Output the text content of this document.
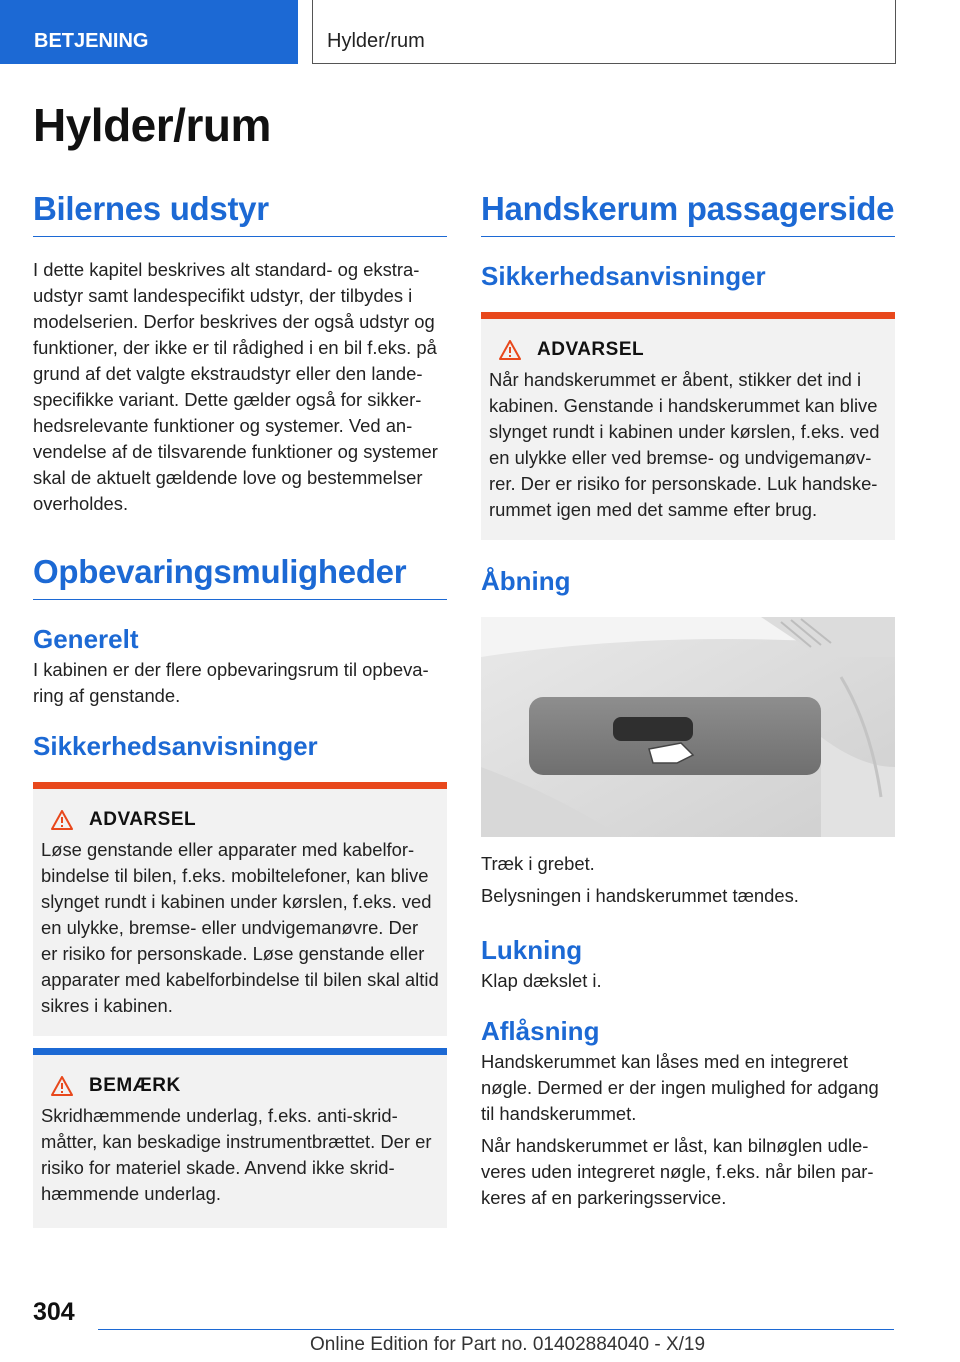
BETJENING	Hylder/rum
Hylder/rum
Bilernes udstyr

I dette kapitel beskrives alt standard- og ekstraudstyr samt landespecifikt udstyr, der tilbydes i modelserien. Derfor beskrives der også udstyr og funktioner, der ikke er til rådighed i en bil f.eks. på grund af det valgte ekstraudstyr eller den landespecifikke variant. Dette gælder også for sikkerhedsrelevante funktioner og systemer. Ved anvendelse af de tilsvarende funktioner og systemer skal de aktuelt gældende love og bestemmelser overholdes.

Opbevaringsmuligheder
Generelt

I kabinen er der flere opbevaringsrum til opbevaring af genstande.

Sikkerhedsanvisninger
ADVARSEL

Løse genstande eller apparater med kabelforbindelse til bilen, f.eks. mobiltelefoner, kan blive slynget rundt i kabinen under kørslen, f.eks. ved en ulykke, bremse- eller undvigemanøvre. Der er risiko for personskade. Løse genstande eller apparater med kabelforbindelse til bilen skal altid sikres i kabinen.

BEMÆRK

Skridhæmmende underlag, f.eks. anti-skridmåtter, kan beskadige instrumentbrættet. Der er risiko for materiel skade. Anvend ikke skridhæmmende underlag.

Handskerum passagerside
Sikkerhedsanvisninger
ADVARSEL

Når handskerummet er åbent, stikker det ind i kabinen. Genstande i handskerummet kan blive slynget rundt i kabinen under kørslen, f.eks. ved en ulykke eller ved bremse- og undvigemanøvrer. Der er risiko for personskade. Luk handskerummet igen med det samme efter brug.

Åbning

Træk i grebet.

Belysningen i handskerummet tændes.

Lukning

Klap dækslet i.

Aflåsning

Handskerummet kan låses med en integreret nøgle. Dermed er der ingen mulighed for adgang til handskerummet.

Når handskerummet er låst, kan bilnøglen udleveres uden integreret nøgle, f.eks. når bilen parkeres af en parkeringsservice.

304
Online Edition for Part no. 01402884040 - X/19
